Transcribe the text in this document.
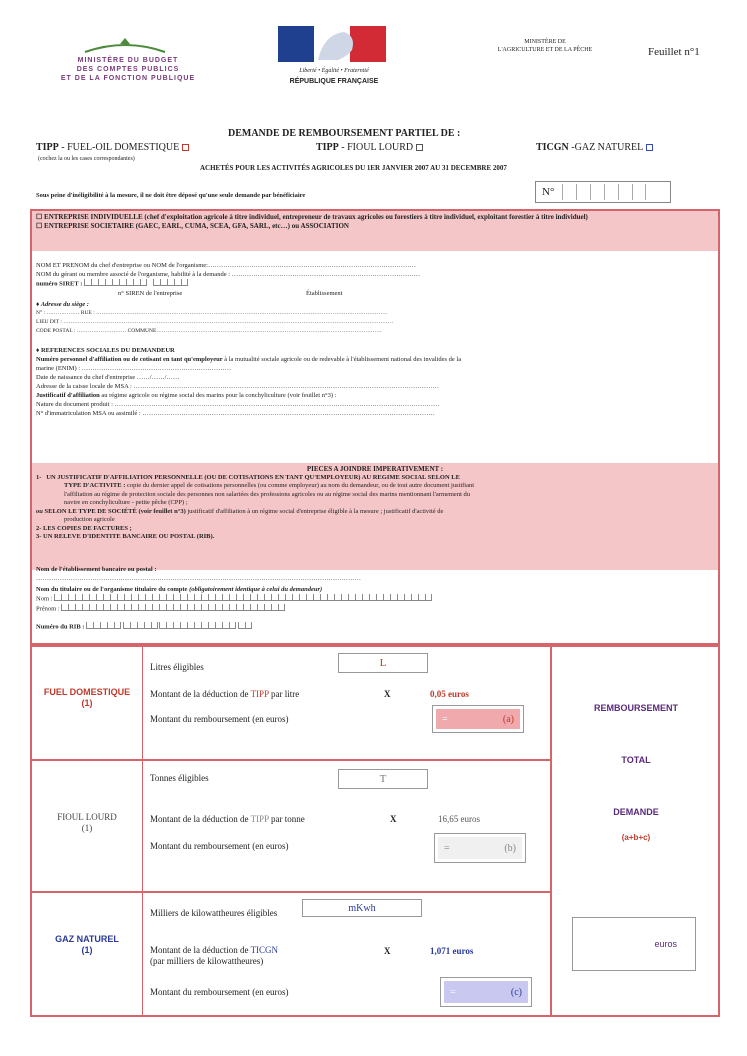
MINISTÈRE DU BUDGET
DES COMPTES PUBLICS
ET DE LA FONCTION PUBLIQUE
Liberté • Égalité • Fraternité
RÉPUBLIQUE FRANÇAISE
MINISTÈRE DE
L'AGRICULTURE ET DE LA PÊCHE	Feuillet n°1
DEMANDE DE REMBOURSEMENT PARTIEL DE :
TIPP - FUEL-OIL DOMESTIQUE	TIPP - FIOUL LOURD	TICGN -GAZ NATUREL
(cochez la ou les cases correspondantes)
ACHETÉS POUR LES ACTIVITÉS AGRICOLES DU 1ER JANVIER 2007 AU 31 DECEMBRE 2007
Sous peine d'inéligibilité à la mesure, il ne doit être déposé qu'une seule demande par bénéficiaire	N°
☐ ENTREPRISE INDIVIDUELLE (chef d'exploitation agricole à titre individuel, entrepreneur de travaux agricoles ou forestiers à titre individuel, exploitant forestier à titre individuel)
☐ ENTREPRISE SOCIETAIRE (GAEC, EARL, CUMA, SCEA, GFA, SARL, etc…) ou ASSOCIATION
NOM ET PRENOM du chef d'entreprise ou NOM de l'organisme:……………………………………………………………………………………
NOM du gérant ou membre associé de l'organisme, habilité à la demande : ……………………………………………………………………………
numéro SIRET :
n° SIREN de l'entreprise	Établissement
♦ Adresse du siège :
N° : ……………… RUE : ……………………………………………………………………………………………………………………………………………
LIEU DIT : ………………………………………………………………………………………………………………………………………………………………
CODE POSTAL : ……………………… COMMUNE……………………………………………………………………………………………………………
♦ REFERENCES SOCIALES DU DEMANDEUR
Numéro personnel d'affiliation ou de cotisant en tant qu'employeur à la mutualité sociale agricole ou de redevable à l'établissement national des invalides de la
marine (ENIM) : ……………………………………………………………
Date de naissance du chef d'entreprise ……/……/……
Adresse de la caisse locale de MSA : ……………………………………………………………………………………………………………………………
Justificatif d'affiliation au régime agricole ou régime social des marins pour la conchyliculture (voir feuillet n°3) :
Nature du document produit : ……………………………………………………………………………………………………………………………………
N° d'immatriculation MSA ou assimilé : ………………………………………………………………………………………………………………………
PIECES A JOINDRE IMPERATIVEMENT :
1- UN JUSTIFICATIF D'AFFILIATION PERSONNELLE (OU DE COTISATIONS EN TANT QU'EMPLOYEUR) AU REGIME SOCIAL SELON LE
TYPE D'ACTIVITE : copie du dernier appel de cotisations personnelles (ou comme employeur) au nom du demandeur, ou de tout autre document justifiant
l'affiliation au régime de protection sociale des personnes non salariées des professions agricoles ou au régime social des marins mentionnant l'armement du
navire en conchyliculture - petite pêche (CPP) ;
ou SELON LE TYPE DE SOCIÉTÉ (voir feuillet n°3) justificatif d'affiliation à un régime social d'entreprise éligible à la mesure ; justificatif d'activité de
production agricole
2- LES COPIES DE FACTURES ;
3- UN RELEVE D'IDENTITE BANCAIRE OU POSTAL (RIB).
Nom de l'établissement bancaire ou postal :
……………………………………………………………………………………………………………………………………
Nom du titulaire ou de l'organisme titulaire du compte (obligatoirement identique à celui du demandeur)
Nom :
Prénom :
Numéro du RIB :
FUEL DOMESTIQUE
(1)
Litres éligibles	L
Montant de la déduction de TIPP par litre	X	0,05 euros
Montant du remboursement (en euros)	=	(a)
FIOUL LOURD
(1)
Tonnes éligibles	T
Montant de la déduction de TIPP par tonne	X	16,65 euros
Montant du remboursement (en euros)	=	(b)
GAZ NATUREL
(1)
Milliers de kilowattheures éligibles	mKwh
Montant de la déduction de TICGN
(par milliers de kilowattheures)
X	1,071 euros
Montant du remboursement (en euros)	=	(c)
REMBOURSEMENT
TOTAL
DEMANDE
(a+b+c)
euros
